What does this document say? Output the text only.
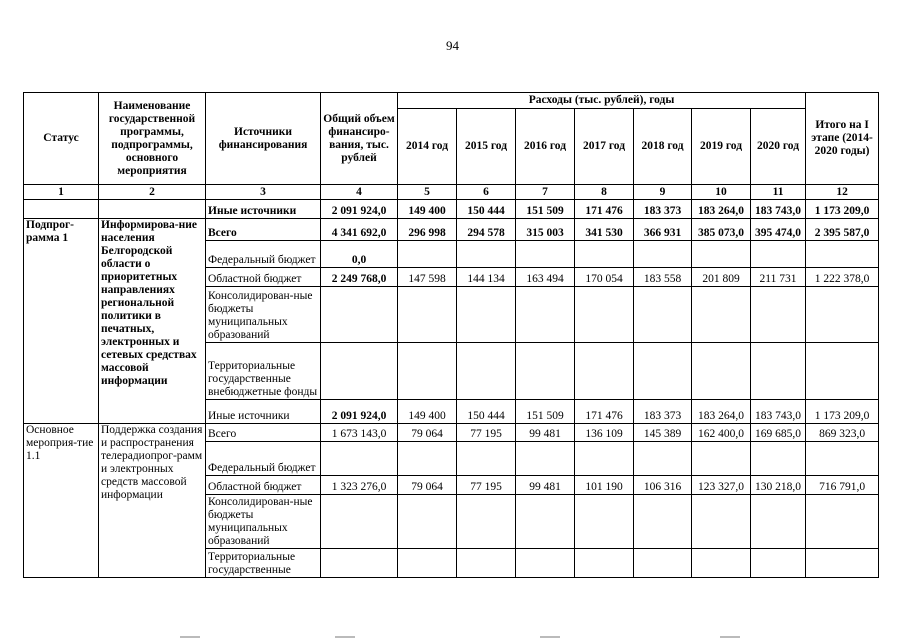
94
Статус	Наименование государственной программы, подпрограммы, основного мероприятия	Источники финансирования	Общий объем финансиро-вания, тыс. рублей	Расходы (тыс. рублей), годы							Итого на I этапе (2014-2020 годы)
				2014 год	2015 год	2016 год	2017 год	2018 год	2019 год	2020 год	
1	2	3	4	5	6	7	8	9	10	11	12
		Иные источники	2 091 924,0	149 400	150 444	151 509	171 476	183 373	183 264,0	183 743,0	1 173 209,0
Подпрог-рамма 1	Информирова-ние населения Белгородской области о приоритетных направлениях региональной политики в печатных, электронных и сетевых средствах массовой информации	Всего	4 341 692,0	296 998	294 578	315 003	341 530	366 931	385 073,0	395 474,0	2 395 587,0
		Федеральный бюджет	0,0								
		Областной бюджет	2 249 768,0	147 598	144 134	163 494	170 054	183 558	201 809	211 731	1 222 378,0
		Консолидирован-ные бюджеты муниципальных образований									
		Территориальные государственные внебюджетные фонды									
		Иные источники	2 091 924,0	149 400	150 444	151 509	171 476	183 373	183 264,0	183 743,0	1 173 209,0
Основное мероприя-тие 1.1	Поддержка создания и распространения телерадиопрог-рамм и электронных средств массовой информации	Всего	1 673 143,0	79 064	77 195	99 481	136 109	145 389	162 400,0	169 685,0	869 323,0
		Федеральный бюджет									
		Областной бюджет	1 323 276,0	79 064	77 195	99 481	101 190	106 316	123 327,0	130 218,0	716 791,0
		Консолидирован-ные бюджеты муниципальных образований									
		Территориальные государственные									
